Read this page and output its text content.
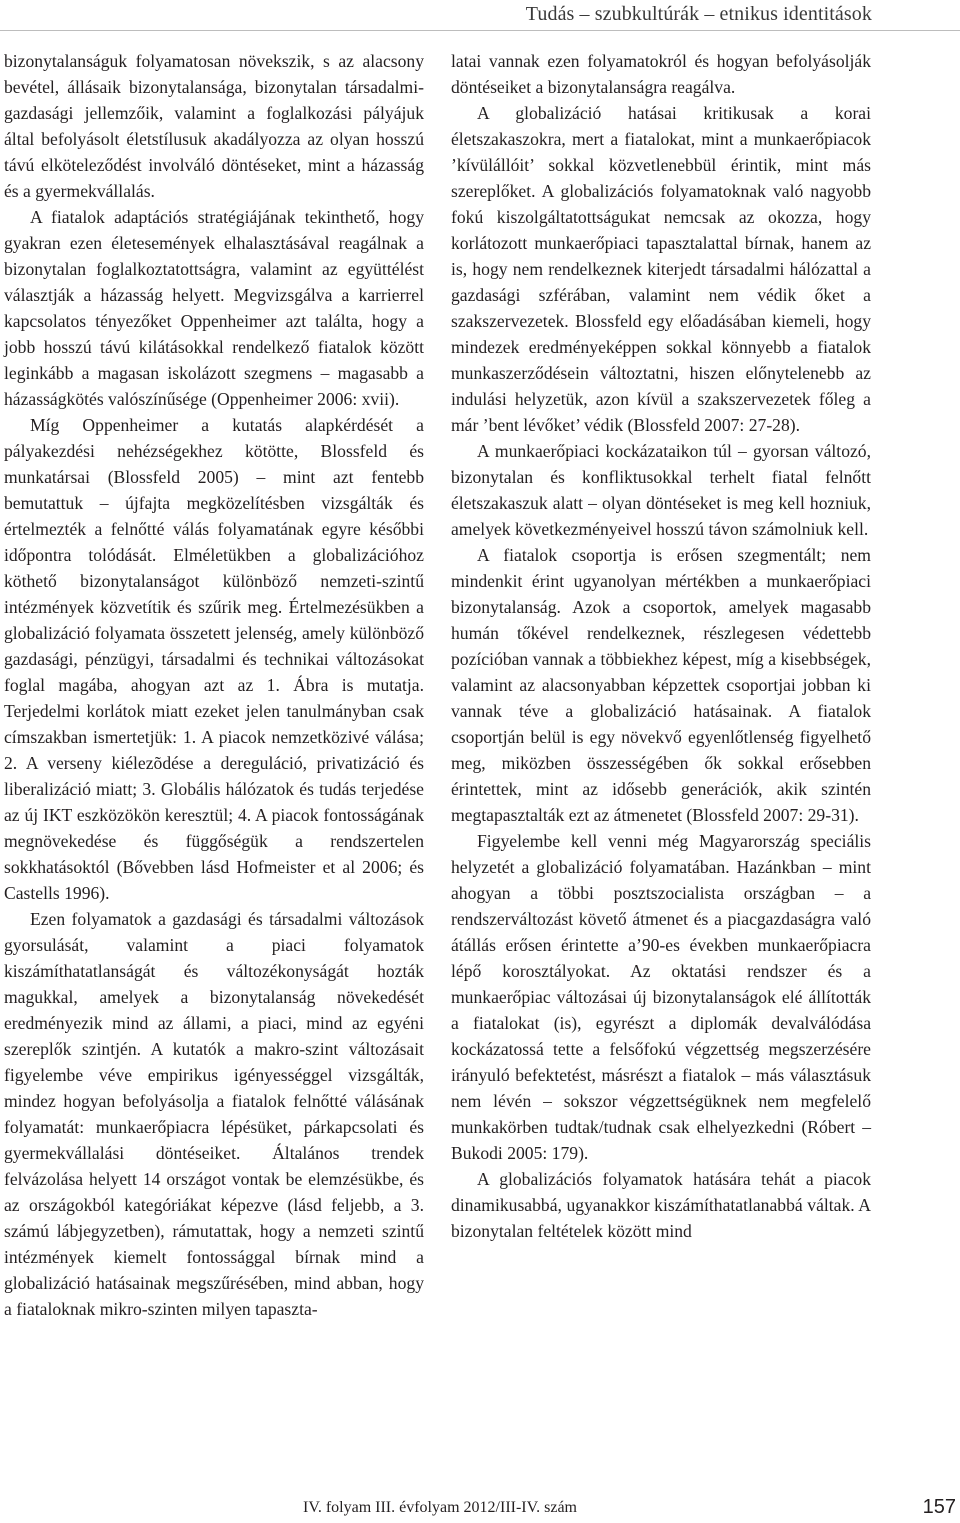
Tudás – szubkultúrák – etnikus identitások

bizonytalanságuk folyamatosan növekszik, s az alacsony bevétel, állásaik bizonytalansága, bizonytalan társadalmi-gazdasági jellemzőik, valamint a foglalkozási pályájuk által befolyásolt életstílusuk akadályozza az olyan hosszú távú elköteleződést involváló döntéseket, mint a házasság és a gyermekvállalás.

A fiatalok adaptációs stratégiájának tekinthető, hogy gyakran ezen életesemények elhalasztásával reagálnak a bizonytalan foglalkoztatottságra, valamint az együttélést választják a házasság helyett. Megvizsgálva a karrierrel kapcsolatos tényezőket Oppenheimer azt találta, hogy a jobb hosszú távú kilátásokkal rendelkező fiatalok között leginkább a magasan iskolázott szegmens – magasabb a házasságkötés valószínűsége (Oppenheimer 2006: xvii).

Míg Oppenheimer a kutatás alapkérdését a pályakezdési nehézségekhez kötötte, Blossfeld és munkatársai (Blossfeld 2005) – mint azt fentebb bemutattuk – újfajta megközelítésben vizsgálták és értelmezték a felnőtté válás folyamatának egyre későbbi időpontra tolódását. Elméletükben a globalizációhoz köthető bizonytalanságot különböző nemzeti-szintű intézmények közvetítik és szűrik meg. Értelmezésükben a globalizáció folyamata összetett jelenség, amely különböző gazdasági, pénzügyi, társadalmi és technikai változásokat foglal magába, ahogyan azt az 1. Ábra is mutatja. Terjedelmi korlátok miatt ezeket jelen tanulmányban csak címszakban ismertetjük: 1. A piacok nemzetközivé válása; 2. A verseny kiélezõdése a dereguláció, privatizáció és liberalizáció miatt; 3. Globális hálózatok és tudás terjedése az új IKT eszközökön keresztül; 4. A piacok fontosságának megnövekedése és függőségük a rendszertelen sokkhatásoktól (Bővebben lásd Hofmeister et al 2006; és Castells 1996).

Ezen folyamatok a gazdasági és társadalmi változások gyorsulását, valamint a piaci folyamatok kiszámíthatatlanságát és változékonyságát hozták magukkal, amelyek a bizonytalanság növekedését eredményezik mind az állami, a piaci, mind az egyéni szereplők szintjén. A kutatók a makro-szint változásait figyelembe véve empirikus igényességgel vizsgálták, mindez hogyan befolyásolja a fiatalok felnőtté válásának folyamatát: munkaerőpiacra lépésüket, párkapcsolati és gyermekvállalási döntéseiket. Általános trendek felvázolása helyett 14 országot vontak be elemzésükbe, és az országokból kategóriákat képezve (lásd feljebb, a 3. számú lábjegyzetben), rámutattak, hogy a nemzeti szintű intézmények kiemelt fontossággal bírnak mind a globalizáció hatásainak megszűrésében, mind abban, hogy a fiataloknak mikro-szinten milyen tapaszta-

latai vannak ezen folyamatokról és hogyan befolyásolják döntéseiket a bizonytalanságra reagálva.

A globalizáció hatásai kritikusak a korai életszakaszokra, mert a fiatalokat, mint a munkaerőpiacok ’kívülállóit’ sokkal közvetlenebbül érintik, mint más szereplőket. A globalizációs folyamatoknak való nagyobb fokú kiszolgáltatottságukat nemcsak az okozza, hogy korlátozott munkaerőpiaci tapasztalattal bírnak, hanem az is, hogy nem rendelkeznek kiterjedt társadalmi hálózattal a gazdasági szférában, valamint nem védik őket a szakszervezetek. Blossfeld egy előadásában kiemeli, hogy mindezek eredményeképpen sokkal könnyebb a fiatalok munkaszerződésein változtatni, hiszen előnytelenebb az indulási helyzetük, azon kívül a szakszervezetek főleg a már ’bent lévőket’ védik (Blossfeld 2007: 27-28).

A munkaerőpiaci kockázataikon túl – gyorsan változó, bizonytalan és konfliktusokkal terhelt fiatal felnőtt életszakaszuk alatt – olyan döntéseket is meg kell hozniuk, amelyek következményeivel hosszú távon számolniuk kell.

A fiatalok csoportja is erősen szegmentált; nem mindenkit érint ugyanolyan mértékben a munkaerőpiaci bizonytalanság. Azok a csoportok, amelyek magasabb humán tőkével rendelkeznek, részlegesen védettebb pozícióban vannak a többiekhez képest, míg a kisebbségek, valamint az alacsonyabban képzettek csoportjai jobban ki vannak téve a globalizáció hatásainak. A fiatalok csoportján belül is egy növekvő egyenlőtlenség figyelhető meg, miközben összességében ők sokkal erősebben érintettek, mint az idősebb generációk, akik szintén megtapasztalták ezt az átmenetet (Blossfeld 2007: 29-31).

Figyelembe kell venni még Magyarország speciális helyzetét a globalizáció folyamatában. Hazánkban – mint ahogyan a többi posztszocialista országban – a rendszerváltozást követő átmenet és a piacgazdaságra való átállás erősen érintette a’90-es években munkaerőpiacra lépő korosztályokat. Az oktatási rendszer és a munkaerőpiac változásai új bizonytalanságok elé állították a fiatalokat (is), egyrészt a diplomák devalválódása kockázatossá tette a felsőfokú végzettség megszerzésére irányuló befektetést, másrészt a fiatalok – más választásuk nem lévén – sokszor végzettségüknek nem megfelelő munkakörben tudtak/tudnak csak elhelyezkedni (Róbert – Bukodi 2005: 179).

A globalizációs folyamatok hatására tehát a piacok dinamikusabbá, ugyanakkor kiszámíthatatlanabbá váltak. A bizonytalan feltételek között mind

IV. folyam III. évfolyam 2012/III-IV. szám	157
